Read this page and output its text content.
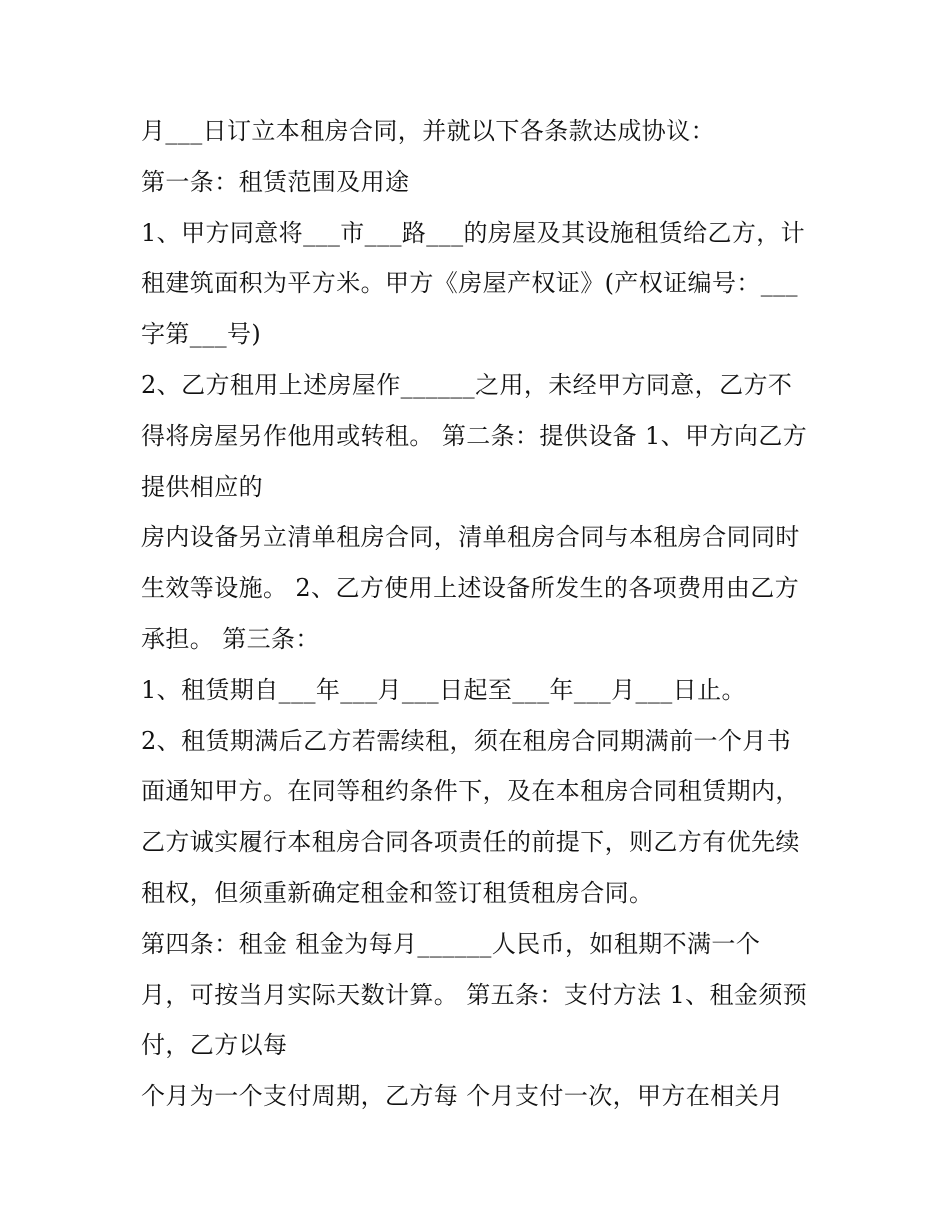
月___日订立本租房合同，并就以下各条款达成协议：
第一条：租赁范围及用途
1、甲方同意将___市___路___的房屋及其设施租赁给乙方，计
租建筑面积为平方米。甲方《房屋产权证》(产权证编号：___
字第___号)
2、乙方租用上述房屋作______之用，未经甲方同意，乙方不
得将房屋另作他用或转租。 第二条：提供设备 1、甲方向乙方
提供相应的
房内设备另立清单租房合同，清单租房合同与本租房合同同时
生效等设施。 2、乙方使用上述设备所发生的各项费用由乙方
承担。 第三条：
1、租赁期自___年___月___日起至___年___月___日止。
2、租赁期满后乙方若需续租，须在租房合同期满前一个月书
面通知甲方。在同等租约条件下，及在本租房合同租赁期内，
乙方诚实履行本租房合同各项责任的前提下，则乙方有优先续
租权，但须重新确定租金和签订租赁租房合同。
第四条：租金 租金为每月______人民币，如租期不满一个
月，可按当月实际天数计算。 第五条：支付方法 1、租金须预
付，乙方以每
个月为一个支付周期，乙方每 个月支付一次，甲方在相关月
